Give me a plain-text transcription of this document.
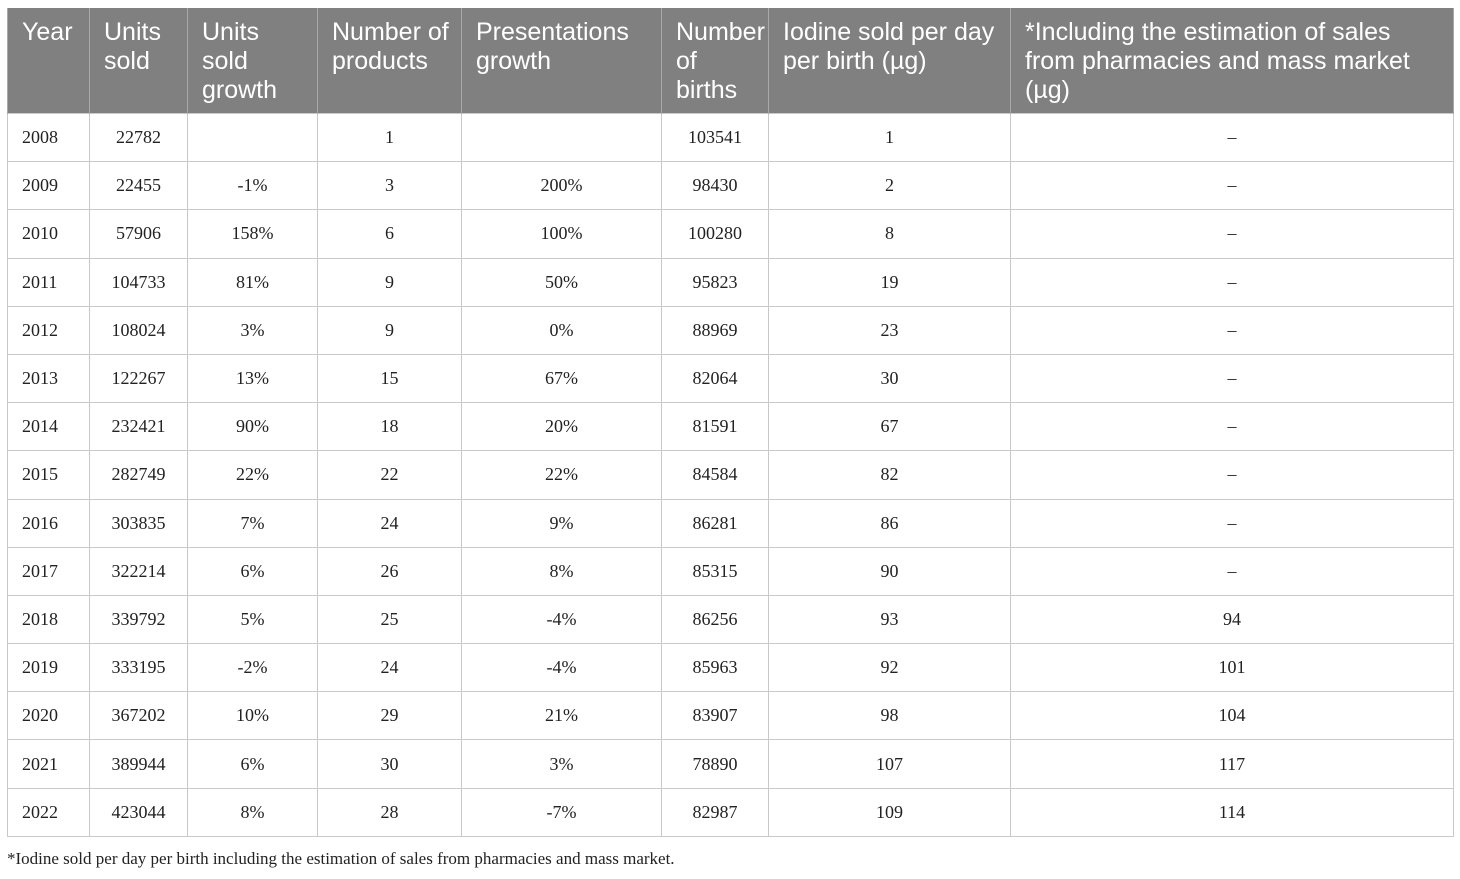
Year	Units sold	Units sold growth	Number of products	Presentations growth	Number of births	Iodine sold per day per birth (µg)	*Including the estimation of sales from pharmacies and mass market (µg)
2008	22782		1		103541	1	–
2009	22455	-1%	3	200%	98430	2	–
2010	57906	158%	6	100%	100280	8	–
2011	104733	81%	9	50%	95823	19	–
2012	108024	3%	9	0%	88969	23	–
2013	122267	13%	15	67%	82064	30	–
2014	232421	90%	18	20%	81591	67	–
2015	282749	22%	22	22%	84584	82	–
2016	303835	7%	24	9%	86281	86	–
2017	322214	6%	26	8%	85315	90	–
2018	339792	5%	25	-4%	86256	93	94
2019	333195	-2%	24	-4%	85963	92	101
2020	367202	10%	29	21%	83907	98	104
2021	389944	6%	30	3%	78890	107	117
2022	423044	8%	28	-7%	82987	109	114
*Iodine sold per day per birth including the estimation of sales from pharmacies and mass market.
